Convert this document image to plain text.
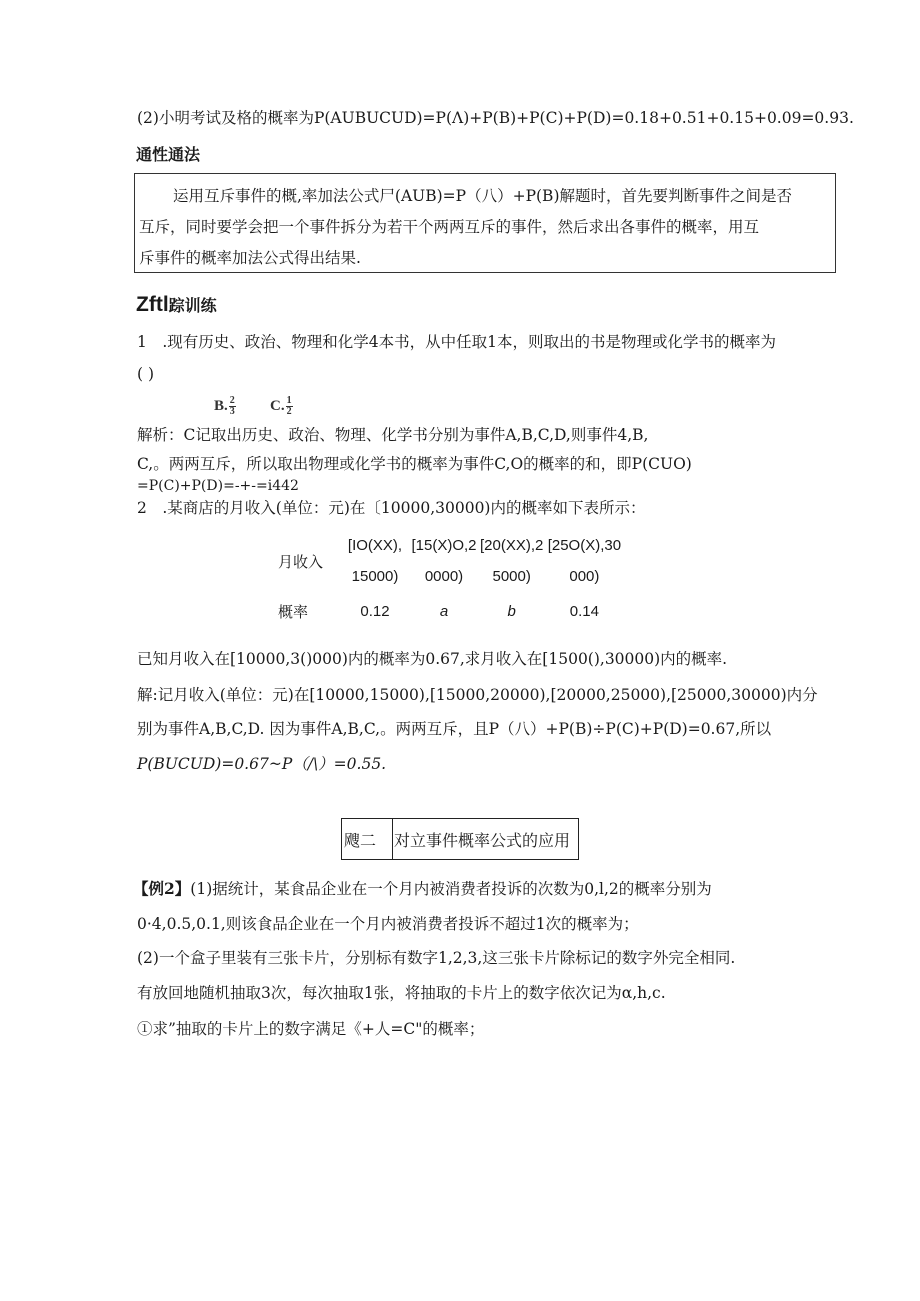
(2)小明考试及格的概率为P(AUBUCUD)=P(Λ)+P(B)+P(C)+P(D)=0.18+0.51+0.15+0.09=0.93.
通性通法
运用互斥事件的概,率加法公式尸(AUB)=P（八）+P(B)解题时，首先要判断事件之间是否
互斥，同时要学会把一个事件拆分为若干个两两互斥的事件，然后求出各事件的概率，用互
斥事件的概率加法公式得出结果.
Zftl踪训练
1　.现有历史、政治、物理和化学4本书，从中任取1本，则取出的书是物理或化学书的概率为
( )
B. $\frac{2}{3} C$. $\frac{1}{2}$
解析：C记取出历史、政治、物理、化学书分别为事件A,B,C,D,则事件4,B,
C,。两两互斥，所以取出物理或化学书的概率为事件C,O的概率的和，即P(CUO)
=P(C)+P(D)=-+-=i442
2　.某商店的月收入(单位：元)在〔10000,30000)内的概率如下表所示：
月收入	[IO(XX),	[15(X)O,2	[20(XX),2	[25O(X),30
	15000)	0000)	5000)	000)
概率	0.12	a	b	0.14
已知月收入在[10000,3()000)内的概率为0.67,求月收入在[1500(),30000)内的概率.
解:记月收入(单位：元)在[10000,15000),[15000,20000),[20000,25000),[25000,30000)内分
别为事件A,B,C,D. 因为事件A,B,C,。两两互斥，且P（八）+P(B)÷P(C)+P(D)=0.67,所以
P(BUCUD)=0.67~P（/\）=0.55.
飕二 对立事件概率公式的应用
【例2】(1)据统计，某食品企业在一个月内被消费者投诉的次数为0,l,2的概率分别为
0·4,0.5,0.1,则该食品企业在一个月内被消费者投诉不超过1次的概率为；
(2)一个盒子里装有三张卡片，分别标有数字1,2,3,这三张卡片除标记的数字外完全相同.
有放回地随机抽取3次，每次抽取1张，将抽取的卡片上的数字依次记为α,h,c.
①求”抽取的卡片上的数字满足《+人=C"的概率；
